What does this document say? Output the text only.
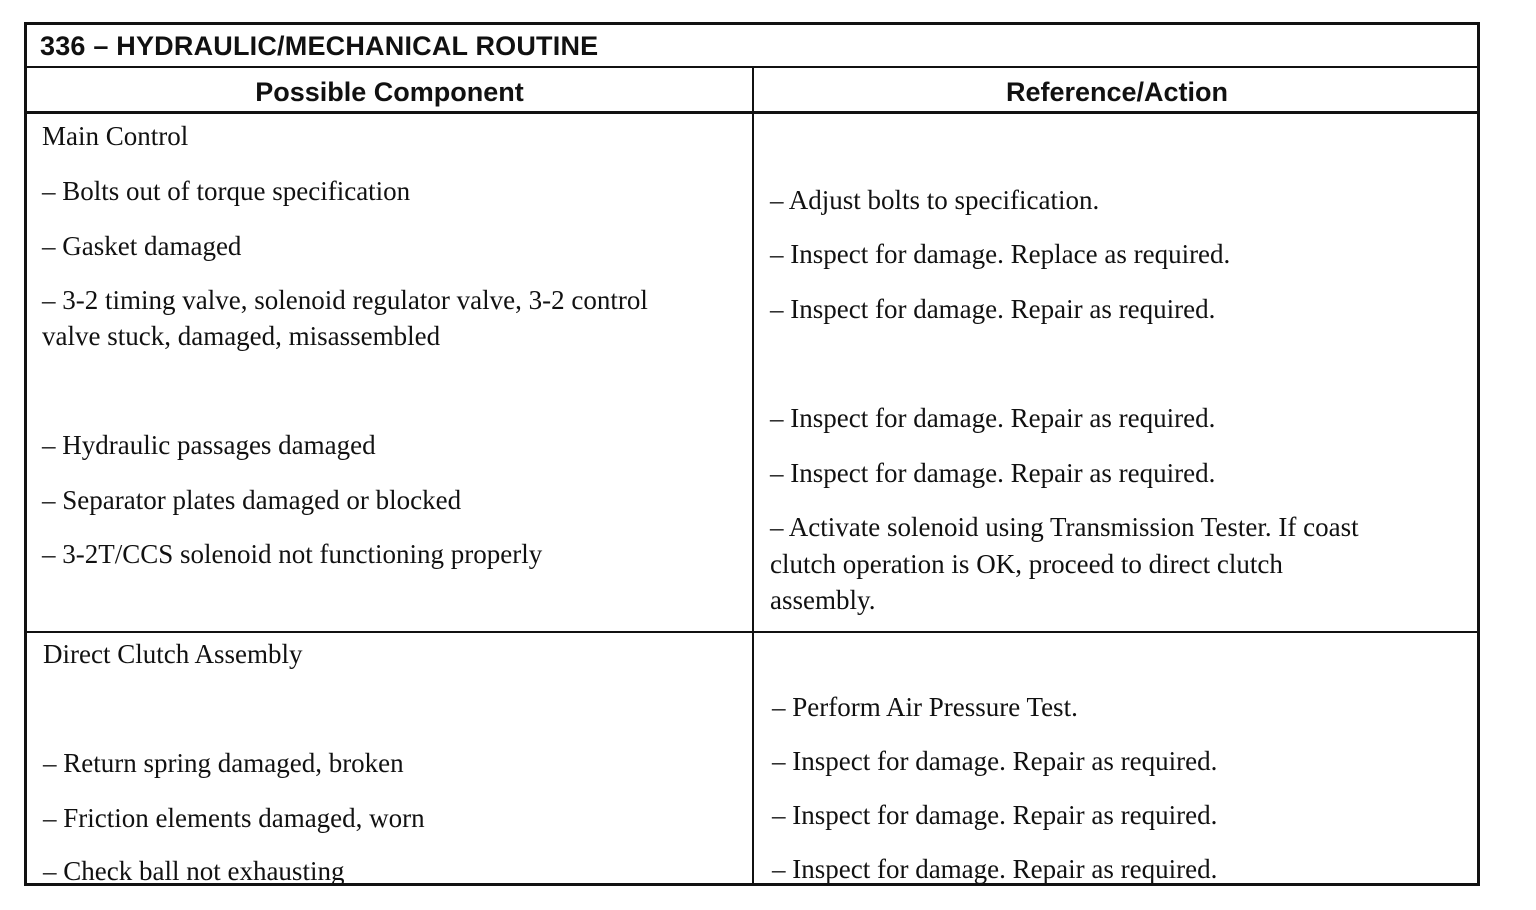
336 – HYDRAULIC/MECHANICAL ROUTINE
Possible Component	Reference/Action
Main Control
– Bolts out of torque specification
– Gasket damaged
– 3-2 timing valve, solenoid regulator valve, 3-2 control
valve stuck, damaged, misassembled
– Hydraulic passages damaged
– Separator plates damaged or blocked
– 3-2T/CCS solenoid not functioning properly
– Adjust bolts to specification.
– Inspect for damage. Replace as required.
– Inspect for damage. Repair as required.
– Inspect for damage. Repair as required.
– Inspect for damage. Repair as required.
– Activate solenoid using Transmission Tester. If coast
clutch operation is OK, proceed to direct clutch
assembly.
Direct Clutch Assembly
– Return spring damaged, broken
– Friction elements damaged, worn
– Check ball not exhausting
– Perform Air Pressure Test.
– Inspect for damage. Repair as required.
– Inspect for damage. Repair as required.
– Inspect for damage. Repair as required.
